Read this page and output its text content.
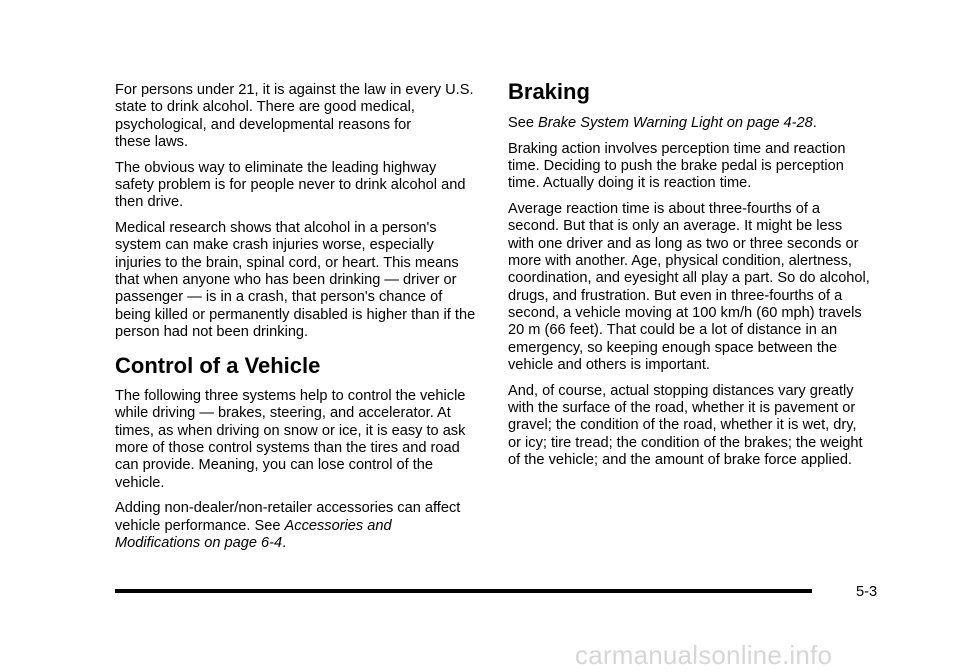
For persons under 21, it is against the law in every U.S.
state to drink alcohol. There are good medical,
psychological, and developmental reasons for
these laws.

The obvious way to eliminate the leading highway
safety problem is for people never to drink alcohol and
then drive.

Medical research shows that alcohol in a person's
system can make crash injuries worse, especially
injuries to the brain, spinal cord, or heart. This means
that when anyone who has been drinking — driver or
passenger — is in a crash, that person's chance of
being killed or permanently disabled is higher than if the
person had not been drinking.

Control of a Vehicle

The following three systems help to control the vehicle
while driving — brakes, steering, and accelerator. At
times, as when driving on snow or ice, it is easy to ask
more of those control systems than the tires and road
can provide. Meaning, you can lose control of the
vehicle.

Adding non-dealer/non-retailer accessories can affect
vehicle performance. See Accessories and
Modifications on page 6-4.

Braking

See Brake System Warning Light on page 4-28.

Braking action involves perception time and reaction
time. Deciding to push the brake pedal is perception
time. Actually doing it is reaction time.

Average reaction time is about three-fourths of a
second. But that is only an average. It might be less
with one driver and as long as two or three seconds or
more with another. Age, physical condition, alertness,
coordination, and eyesight all play a part. So do alcohol,
drugs, and frustration. But even in three-fourths of a
second, a vehicle moving at 100 km/h (60 mph) travels
20 m (66 feet). That could be a lot of distance in an
emergency, so keeping enough space between the
vehicle and others is important.

And, of course, actual stopping distances vary greatly
with the surface of the road, whether it is pavement or
gravel; the condition of the road, whether it is wet, dry,
or icy; tire tread; the condition of the brakes; the weight
of the vehicle; and the amount of brake force applied.

5-3
carmanualsonline.info
